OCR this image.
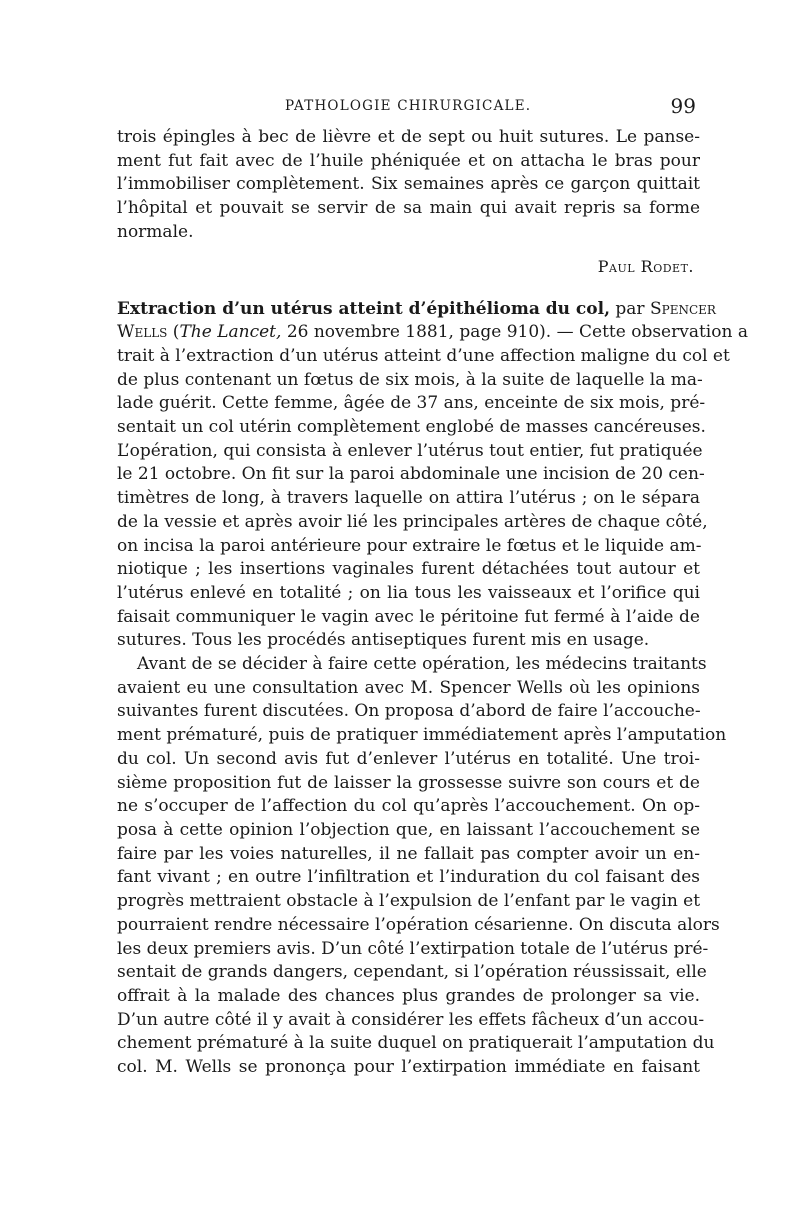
PATHOLOGIE CHIRURGICALE.	99
trois épingles à bec de lièvre et de sept ou huit sutures. Le panse-
ment fut fait avec de l’huile phéniquée et on attacha le bras pour
l’immobiliser complètement. Six semaines après ce garçon quittait
l’hôpital et pouvait se servir de sa main qui avait repris sa forme
normale.
Paul Rodet.
Extraction d’un utérus atteint d’épithélioma du col, par Spencer
Wells (The Lancet, 26 novembre 1881, page 910). — Cette observation a
trait à l’extraction d’un utérus atteint d’une affection maligne du col et
de plus contenant un fœtus de six mois, à la suite de laquelle la ma-
lade guérit. Cette femme, âgée de 37 ans, enceinte de six mois, pré-
sentait un col utérin complètement englobé de masses cancéreuses.
L’opération, qui consista à enlever l’utérus tout entier, fut pratiquée
le 21 octobre. On fit sur la paroi abdominale une incision de 20 cen-
timètres de long, à travers laquelle on attira l’utérus ; on le sépara
de la vessie et après avoir lié les principales artères de chaque côté,
on incisa la paroi antérieure pour extraire le fœtus et le liquide am-
niotique ; les insertions vaginales furent détachées tout autour et
l’utérus enlevé en totalité ; on lia tous les vaisseaux et l’orifice qui
faisait communiquer le vagin avec le péritoine fut fermé à l’aide de
sutures. Tous les procédés antiseptiques furent mis en usage.
Avant de se décider à faire cette opération, les médecins traitants
avaient eu une consultation avec M. Spencer Wells où les opinions
suivantes furent discutées. On proposa d’abord de faire l’accouche-
ment prématuré, puis de pratiquer immédiatement après l’amputation
du col. Un second avis fut d’enlever l’utérus en totalité. Une troi-
sième proposition fut de laisser la grossesse suivre son cours et de
ne s’occuper de l’affection du col qu’après l’accouchement. On op-
posa à cette opinion l’objection que, en laissant l’accouchement se
faire par les voies naturelles, il ne fallait pas compter avoir un en-
fant vivant ; en outre l’infiltration et l’induration du col faisant des
progrès mettraient obstacle à l’expulsion de l’enfant par le vagin et
pourraient rendre nécessaire l’opération césarienne. On discuta alors
les deux premiers avis. D’un côté l’extirpation totale de l’utérus pré-
sentait de grands dangers, cependant, si l’opération réussissait, elle
offrait à la malade des chances plus grandes de prolonger sa vie.
D’un autre côté il y avait à considérer les effets fâcheux d’un accou-
chement prématuré à la suite duquel on pratiquerait l’amputation du
col. M. Wells se prononça pour l’extirpation immédiate en faisant
